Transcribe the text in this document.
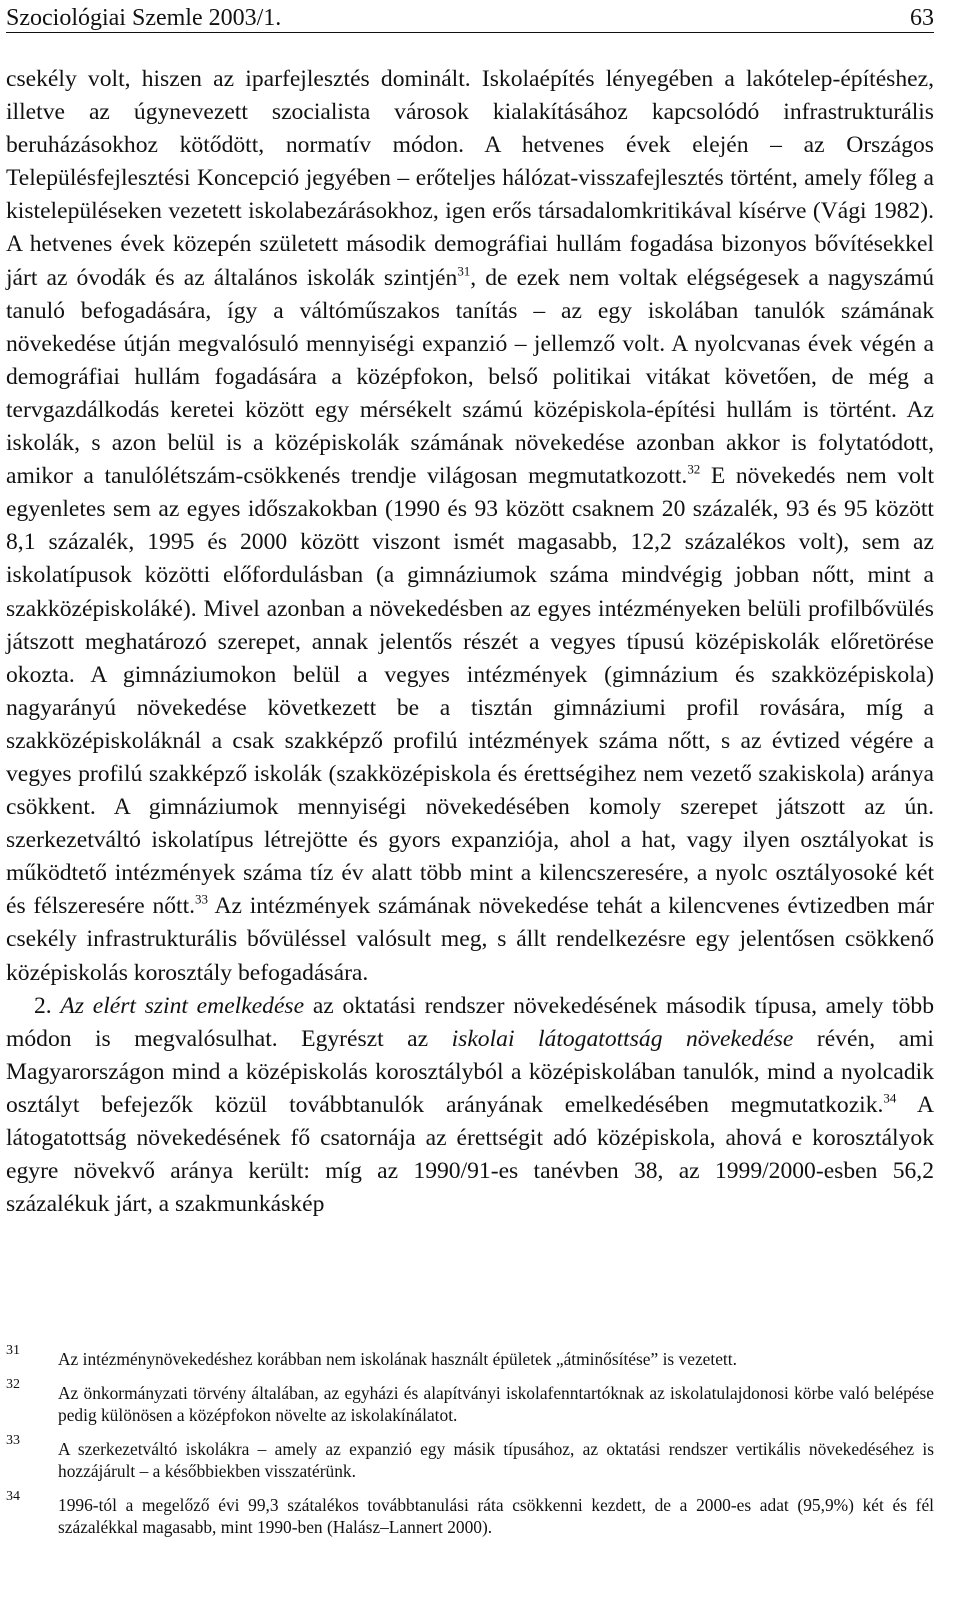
Szociológiai Szemle 2003/1.	63

csekély volt, hiszen az iparfejlesztés dominált. Iskolaépítés lényegében a lakótelep-építéshez, illetve az úgynevezett szocialista városok kialakításához kapcsolódó infrastrukturális beruházásokhoz kötődött, normatív módon. A hetvenes évek elején – az Országos Településfejlesztési Koncepció jegyében – erőteljes hálózat-visszafejlesztés történt, amely főleg a kistelepüléseken vezetett iskolabezárásokhoz, igen erős társadalomkritikával kísérve (Vági 1982). A hetvenes évek közepén született második demográfiai hullám fogadása bizonyos bővítésekkel járt az óvodák és az általános iskolák szintjén$^{31}$, de ezek nem voltak elégségesek a nagyszámú tanuló befogadására, így a váltóműszakos tanítás – az egy iskolában tanulók számának növekedése útján megvalósuló mennyiségi expanzió – jellemző volt. A nyolcvanas évek végén a demográfiai hullám fogadására a középfokon, belső politikai vitákat követően, de még a tervgazdálkodás keretei között egy mérsékelt számú középiskola-építési hullám is történt. Az iskolák, s azon belül is a középiskolák számának növekedése azonban akkor is folytatódott, amikor a tanulólétszám-csökkenés trendje világosan megmutatkozott.$^{32}$ E növekedés nem volt egyenletes sem az egyes időszakokban (1990 és 93 között csaknem 20 százalék, 93 és 95 között 8,1 százalék, 1995 és 2000 között viszont ismét magasabb, 12,2 százalékos volt), sem az iskolatípusok közötti előfordulásban (a gimnáziumok száma mindvégig jobban nőtt, mint a szakközépiskoláké). Mivel azonban a növekedésben az egyes intézményeken belüli profilbővülés játszott meghatározó szerepet, annak jelentős részét a vegyes típusú középiskolák előretörése okozta. A gimnáziumokon belül a vegyes intézmények (gimnázium és szakközépiskola) nagyarányú növekedése következett be a tisztán gimnáziumi profil rovására, míg a szakközépiskoláknál a csak szakképző profilú intézmények száma nőtt, s az évtized végére a vegyes profilú szakképző iskolák (szakközépiskola és érettségihez nem vezető szakiskola) aránya csökkent. A gimnáziumok mennyiségi növekedésében komoly szerepet játszott az ún. szerkezetváltó iskolatípus létrejötte és gyors expanziója, ahol a hat, vagy ilyen osztályokat is működtető intézmények száma tíz év alatt több mint a kilencszeresére, a nyolc osztályosoké két és félszeresére nőtt.$^{33}$ Az intézmények számának növekedése tehát a kilencvenes évtizedben már csekély infrastrukturális bővüléssel valósult meg, s állt rendelkezésre egy jelentősen csökkenő középiskolás korosztály befogadására.

2. Az elért szint emelkedése az oktatási rendszer növekedésének második típusa, amely több módon is megvalósulhat. Egyrészt az iskolai látogatottság növekedése révén, ami Magyarországon mind a középiskolás korosztályból a középiskolában tanulók, mind a nyolcadik osztályt befejezők közül továbbtanulók arányának emelkedésében megmutatkozik.$^{34}$ A látogatottság növekedésének fő csatornája az érettségit adó középiskola, ahová e korosztályok egyre növekvő aránya került: míg az 1990/91-es tanévben 38, az 1999/2000-esben 56,2 százalékuk járt, a szakmunkáskép

31	Az intézménynövekedéshez korábban nem iskolának használt épületek „átminősítése” is vezetett.
32	Az önkormányzati törvény általában, az egyházi és alapítványi iskolafenntartóknak az iskolatulajdonosi körbe való belépése pedig különösen a középfokon növelte az iskolakínálatot.
33	A szerkezetváltó iskolákra – amely az expanzió egy másik típusához, az oktatási rendszer vertikális növekedéséhez is hozzájárult – a későbbiekben visszatérünk.
34	1996-tól a megelőző évi 99,3 szátalékos továbbtanulási ráta csökkenni kezdett, de a 2000-es adat (95,9%) két és fél százalékkal magasabb, mint 1990-ben (Halász–Lannert 2000).
